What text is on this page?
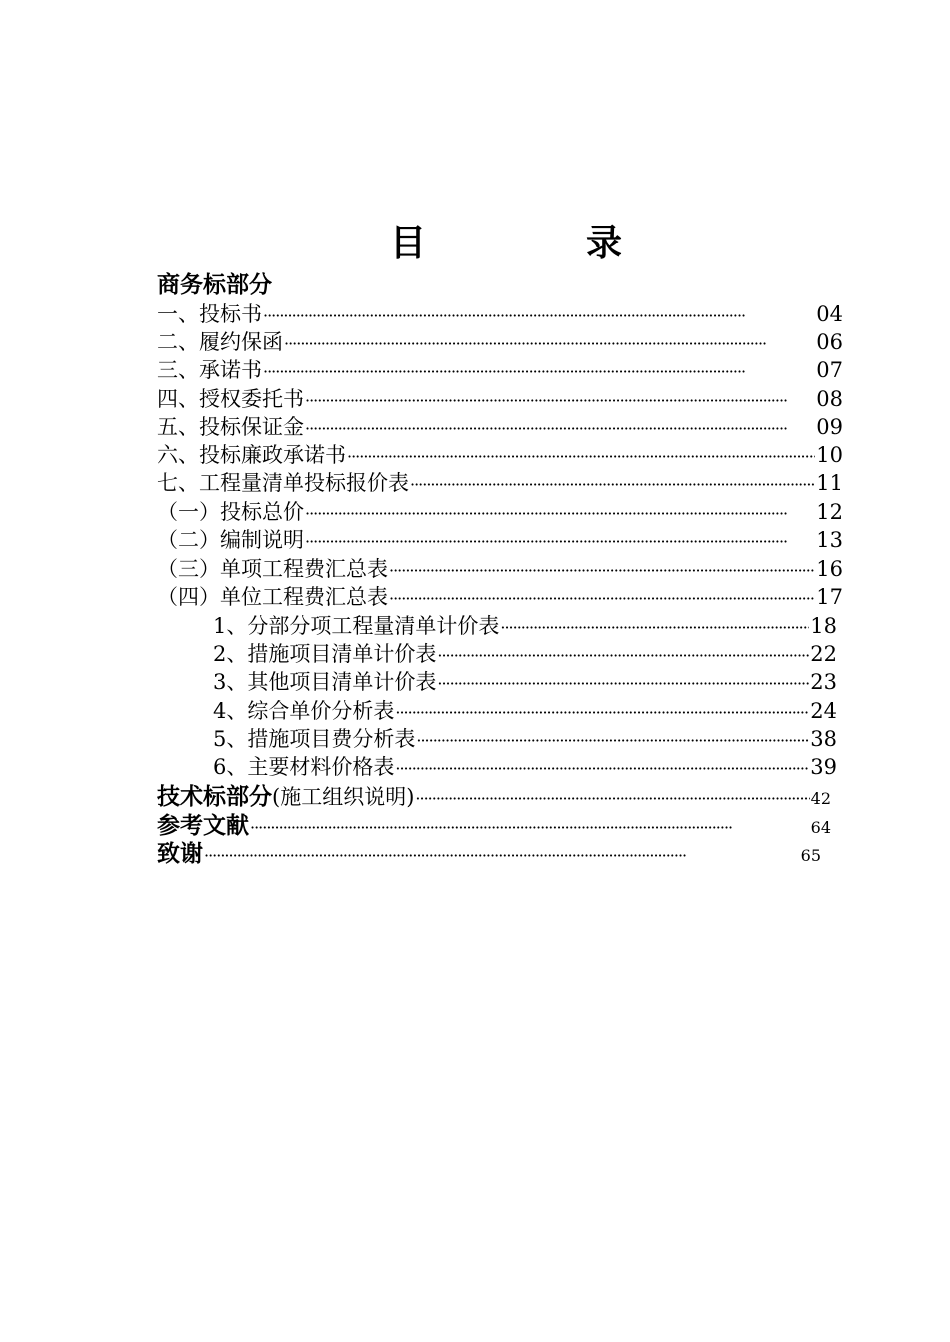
目　录
商务标部分
一、投标书 ·····	04
二、履约保函 ·····	06
三、承诺书 ·····	07
四、授权委托书 ·····	08
五、投标保证金 ·····	09
六、投标廉政承诺书 ·····	10
七、工程量清单投标报价表 ·····	11
（一）投标总价 ·····	12
（二）编制说明 ·····	13
（三）单项工程费汇总表 ·····	16
（四）单位工程费汇总表 ·····	17
1、分部分项工程量清单计价表 ·····	18
2、措施项目清单计价表 ·····	22
3、其他项目清单计价表 ·····	23
4、综合单价分析表 ·····	24
5、措施项目费分析表 ·····	38
6、主要材料价格表 ·····	39
技术标部分(施工组织说明) ·····	42
参考文献 ·····	64
致谢 ·····	65
